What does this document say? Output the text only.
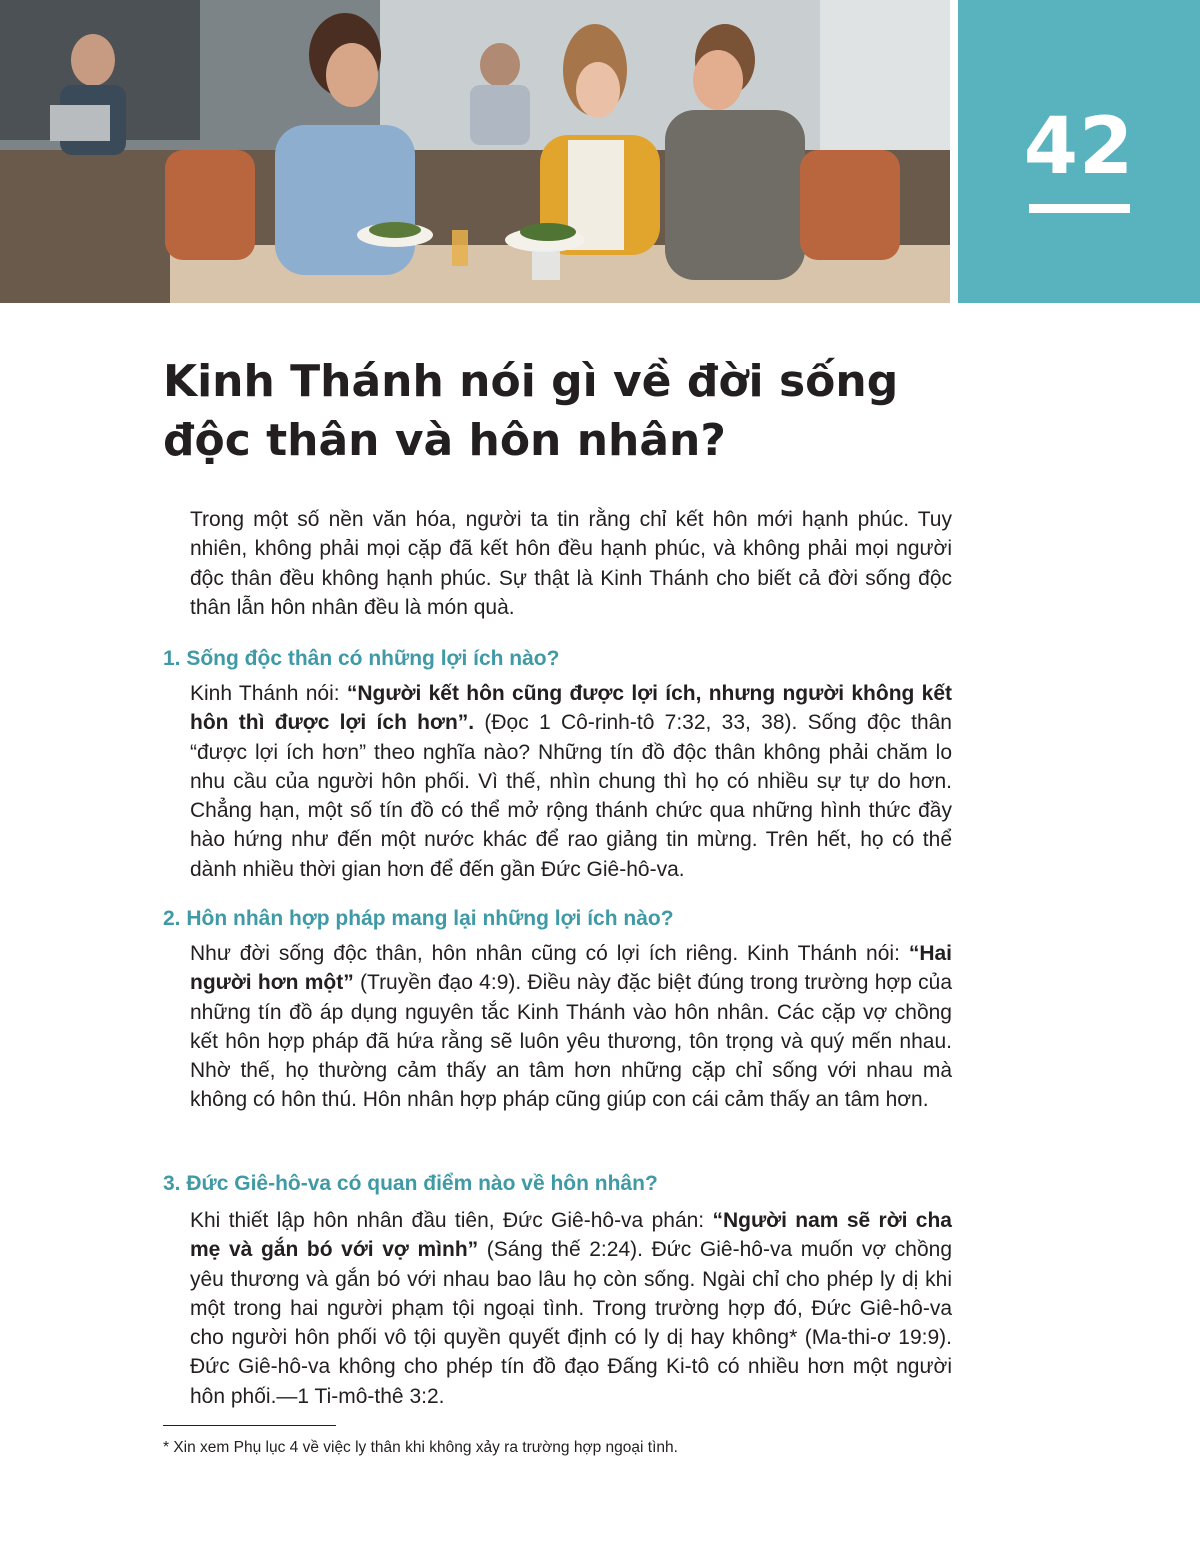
42
Kinh Thánh nói gì về đời sống độc thân và hôn nhân?

Trong một số nền văn hóa, người ta tin rằng chỉ kết hôn mới hạnh phúc. Tuy nhiên, không phải mọi cặp đã kết hôn đều hạnh phúc, và không phải mọi người độc thân đều không hạnh phúc. Sự thật là Kinh Thánh cho biết cả đời sống độc thân lẫn hôn nhân đều là món quà.

1. Sống độc thân có những lợi ích nào?

Kinh Thánh nói: “Người kết hôn cũng được lợi ích, nhưng người không kết hôn thì được lợi ích hơn”. (Đọc 1 Cô-rinh-tô 7:32, 33, 38). Sống độc thân “được lợi ích hơn” theo nghĩa nào? Những tín đồ độc thân không phải chăm lo nhu cầu của người hôn phối. Vì thế, nhìn chung thì họ có nhiều sự tự do hơn. Chẳng hạn, một số tín đồ có thể mở rộng thánh chức qua những hình thức đầy hào hứng như đến một nước khác để rao giảng tin mừng. Trên hết, họ có thể dành nhiều thời gian hơn để đến gần Đức Giê-hô-va.

2. Hôn nhân hợp pháp mang lại những lợi ích nào?

Như đời sống độc thân, hôn nhân cũng có lợi ích riêng. Kinh Thánh nói: “Hai người hơn một” (Truyền đạo 4:9). Điều này đặc biệt đúng trong trường hợp của những tín đồ áp dụng nguyên tắc Kinh Thánh vào hôn nhân. Các cặp vợ chồng kết hôn hợp pháp đã hứa rằng sẽ luôn yêu thương, tôn trọng và quý mến nhau. Nhờ thế, họ thường cảm thấy an tâm hơn những cặp chỉ sống với nhau mà không có hôn thú. Hôn nhân hợp pháp cũng giúp con cái cảm thấy an tâm hơn.

3. Đức Giê-hô-va có quan điểm nào về hôn nhân?

Khi thiết lập hôn nhân đầu tiên, Đức Giê-hô-va phán: “Người nam sẽ rời cha mẹ và gắn bó với vợ mình” (Sáng thế 2:24). Đức Giê-hô-va muốn vợ chồng yêu thương và gắn bó với nhau bao lâu họ còn sống. Ngài chỉ cho phép ly dị khi một trong hai người phạm tội ngoại tình. Trong trường hợp đó, Đức Giê-hô-va cho người hôn phối vô tội quyền quyết định có ly dị hay không* (Ma-thi-ơ 19:9). Đức Giê-hô-va không cho phép tín đồ đạo Đấng Ki-tô có nhiều hơn một người hôn phối.—1 Ti-mô-thê 3:2.

* Xin xem Phụ lục 4 về việc ly thân khi không xảy ra trường hợp ngoại tình.
